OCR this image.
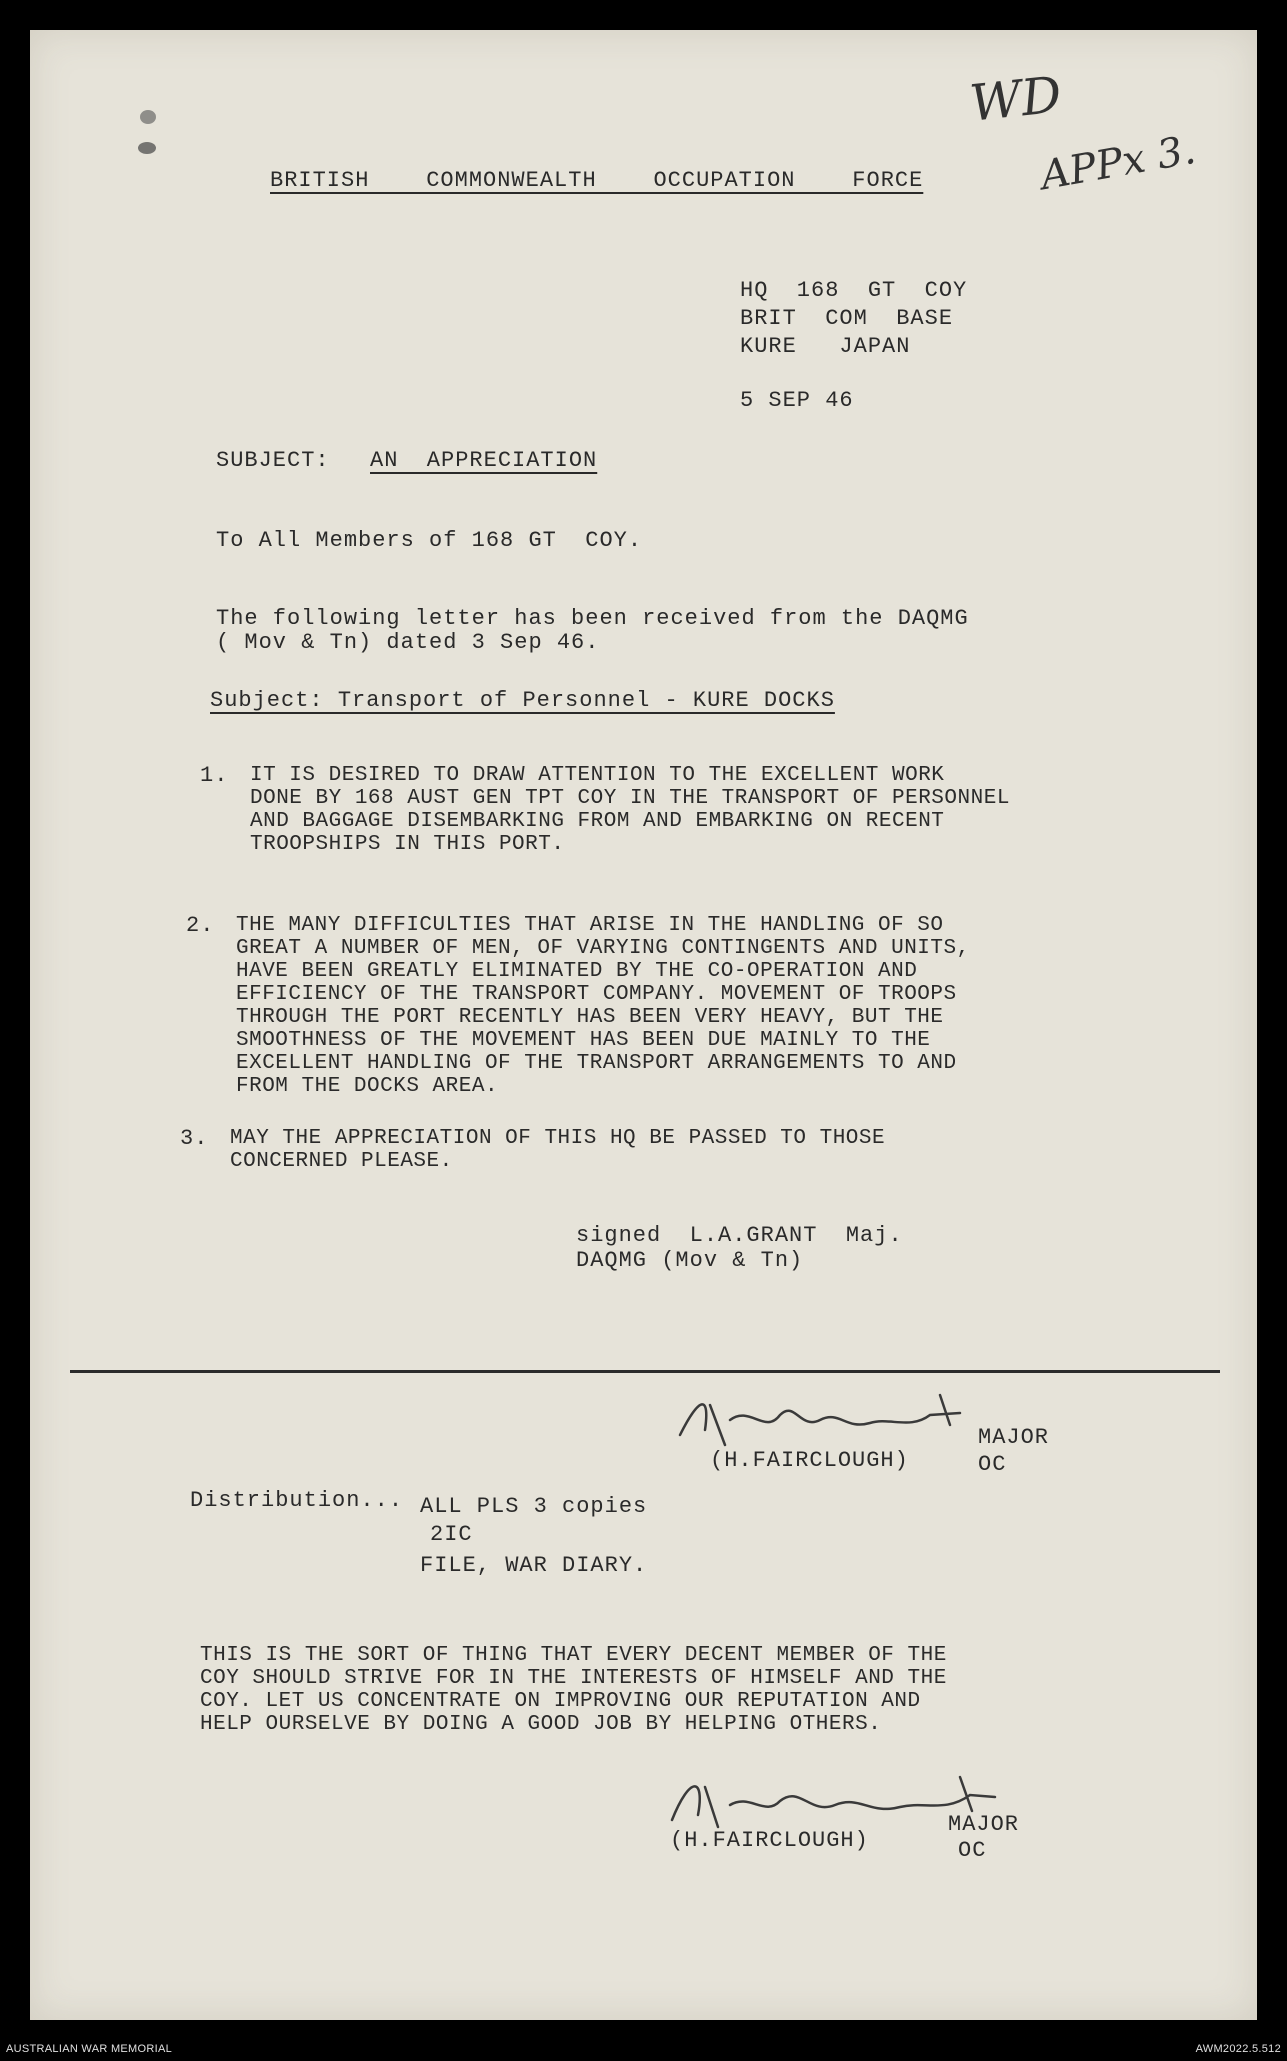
WD
APPx 3.
BRITISH    COMMONWEALTH    OCCUPATION    FORCE
HQ  168  GT  COY
BRIT  COM  BASE
KURE   JAPAN
5 SEP 46
SUBJECT: AN  APPRECIATION
To All Members of 168 GT  COY.
The following letter has been received from the DAQMG
( Mov & Tn) dated 3 Sep 46.
Subject: Transport of Personnel - KURE DOCKS
1. IT IS DESIRED TO DRAW ATTENTION TO THE EXCELLENT WORK
DONE BY 168 AUST GEN TPT COY IN THE TRANSPORT OF PERSONNEL
AND BAGGAGE DISEMBARKING FROM AND EMBARKING ON RECENT
TROOPSHIPS IN THIS PORT.
2. THE MANY DIFFICULTIES THAT ARISE IN THE HANDLING OF SO
GREAT A NUMBER OF MEN, OF VARYING CONTINGENTS AND UNITS,
HAVE BEEN GREATLY ELIMINATED BY THE CO-OPERATION AND
EFFICIENCY OF THE TRANSPORT COMPANY. MOVEMENT OF TROOPS
THROUGH THE PORT RECENTLY HAS BEEN VERY HEAVY, BUT THE
SMOOTHNESS OF THE MOVEMENT HAS BEEN DUE MAINLY TO THE
EXCELLENT HANDLING OF THE TRANSPORT ARRANGEMENTS TO AND
FROM THE DOCKS AREA.
3. MAY THE APPRECIATION OF THIS HQ BE PASSED TO THOSE
CONCERNED PLEASE.
signed  L.A.GRANT  Maj.
DAQMG (Mov & Tn)
(H.FAIRCLOUGH)
MAJOR
OC
Distribution... ALL PLS 3 copies
2IC
FILE, WAR DIARY.
THIS IS THE SORT OF THING THAT EVERY DECENT MEMBER OF THE
COY SHOULD STRIVE FOR IN THE INTERESTS OF HIMSELF AND THE
COY. LET US CONCENTRATE ON IMPROVING OUR REPUTATION AND
HELP OURSELVE BY DOING A GOOD JOB BY HELPING OTHERS.
(H.FAIRCLOUGH)
MAJOR
OC
AUSTRALIAN WAR MEMORIAL	AWM2022.5.512
